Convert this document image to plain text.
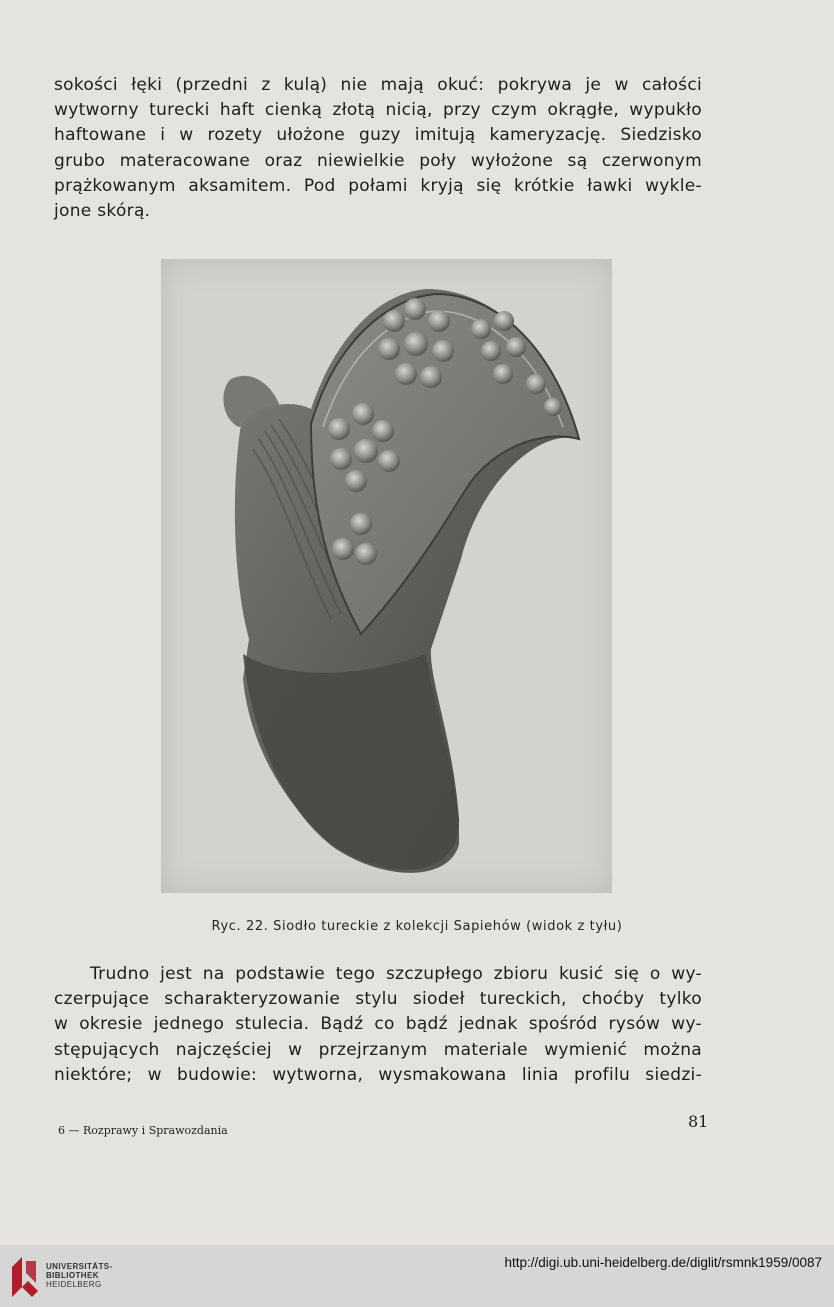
sokości łęki (przedni z kulą) nie mają okuć: pokrywa je w całości
wytworny turecki haft cienką złotą nicią, przy czym okrągłe, wypukło
haftowane i w rozety ułożone guzy imitują kameryzację. Siedzisko
grubo materacowane oraz niewielkie poły wyłożone są czerwonym
prążkowanym aksamitem. Pod połami kryją się krótkie ławki wykle-
jone skórą.
Ryc. 22. Siodło tureckie z kolekcji Sapiehów (widok z tyłu)
Trudno jest na podstawie tego szczupłego zbioru kusić się o wy-
czerpujące scharakteryzowanie stylu siodeł tureckich, choćby tylko
w okresie jednego stulecia. Bądź co bądź jednak spośród rysów wy-
stępujących najczęściej w przejrzanym materiale wymienić można
niektóre; w budowie: wytworna, wysmakowana linia profilu siedzi-
6 — Rozprawy i Sprawozdania	81
UNIVERSITÄTS-
BIBLIOTHEK
HEIDELBERG
http://digi.ub.uni-heidelberg.de/diglit/rsmnk1959/0087
